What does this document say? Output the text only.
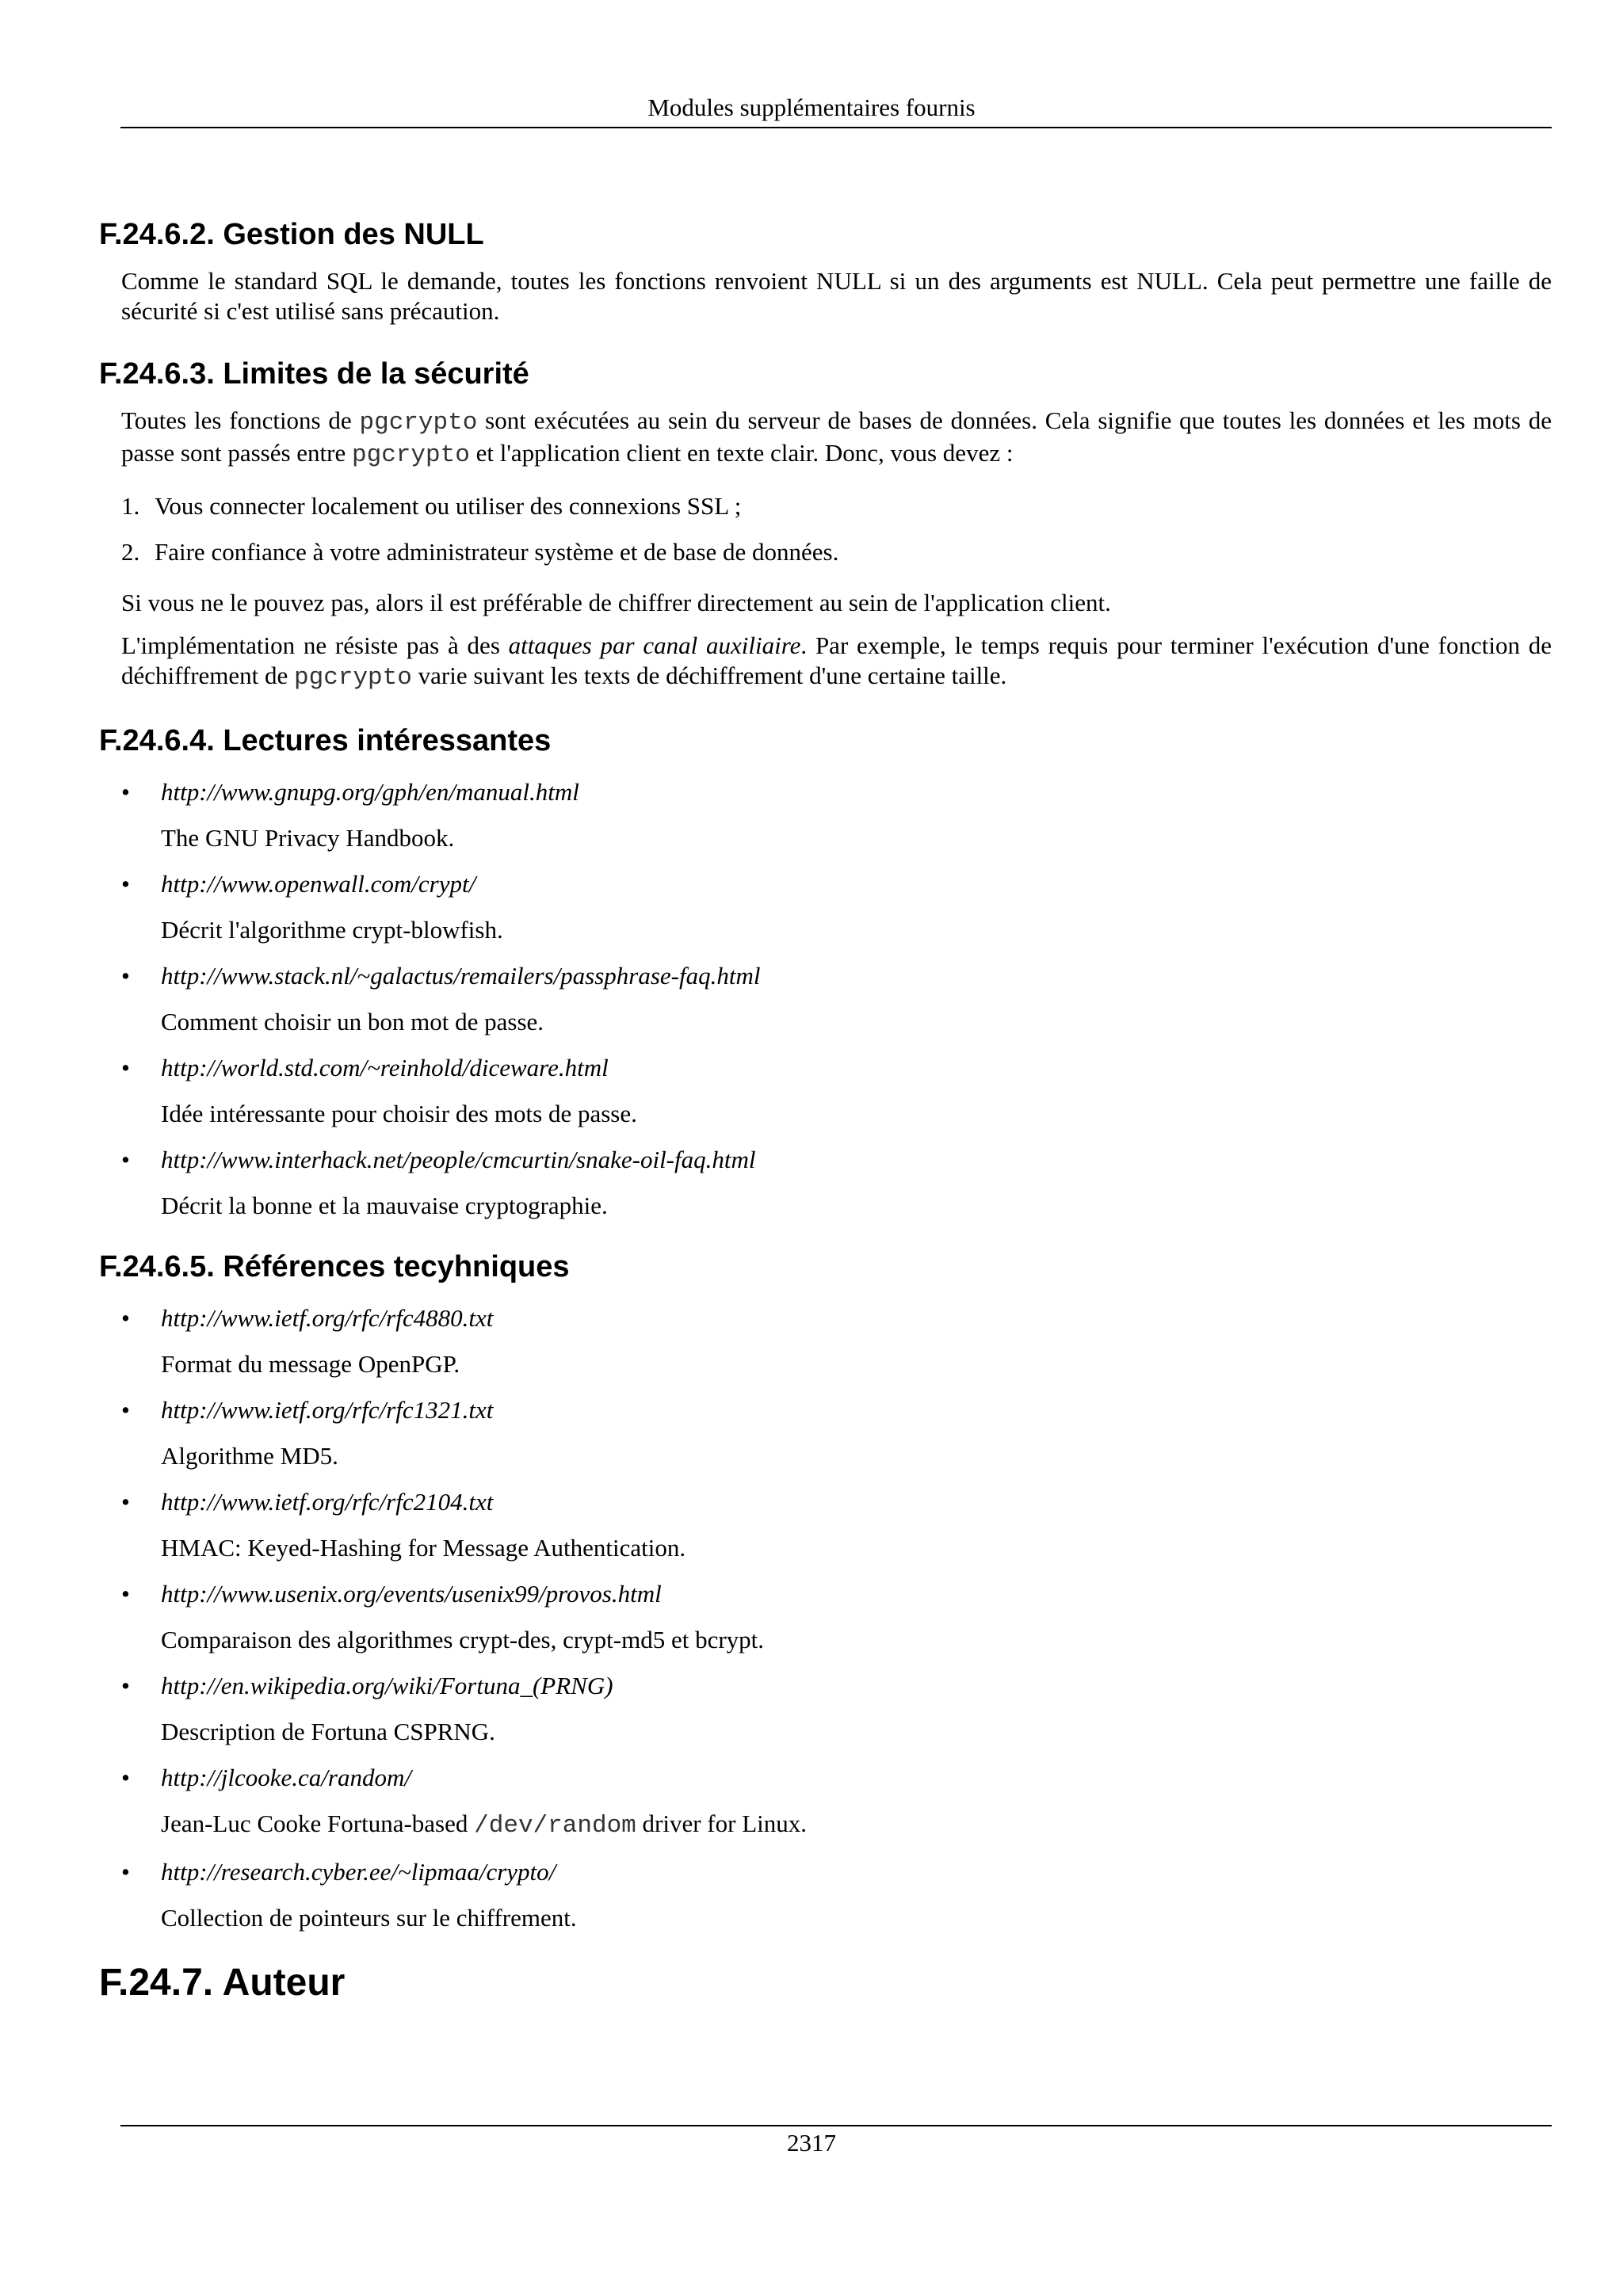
Modules supplémentaires fournis
F.24.6.2. Gestion des NULL

Comme le standard SQL le demande, toutes les fonctions renvoient NULL si un des arguments est NULL. Cela peut permettre une faille de sécurité si c'est utilisé sans précaution.

F.24.6.3. Limites de la sécurité

Toutes les fonctions de pgcrypto sont exécutées au sein du serveur de bases de données. Cela signifie que toutes les données et les mots de passe sont passés entre pgcrypto et l'application client en texte clair. Donc, vous devez :

1. Vous connecter localement ou utiliser des connexions SSL ;
2. Faire confiance à votre administrateur système et de base de données.

Si vous ne le pouvez pas, alors il est préférable de chiffrer directement au sein de l'application client.

L'implémentation ne résiste pas à des attaques par canal auxiliaire. Par exemple, le temps requis pour terminer l'exécution d'une fonction de déchiffrement de pgcrypto varie suivant les texts de déchiffrement d'une certaine taille.

F.24.6.4. Lectures intéressantes
• http://www.gnupg.org/gph/en/manual.html
The GNU Privacy Handbook.
• http://www.openwall.com/crypt/
Décrit l'algorithme crypt-blowfish.
• http://www.stack.nl/~galactus/remailers/passphrase-faq.html
Comment choisir un bon mot de passe.
• http://world.std.com/~reinhold/diceware.html
Idée intéressante pour choisir des mots de passe.
• http://www.interhack.net/people/cmcurtin/snake-oil-faq.html
Décrit la bonne et la mauvaise cryptographie.
F.24.6.5. Références tecyhniques
• http://www.ietf.org/rfc/rfc4880.txt
Format du message OpenPGP.
• http://www.ietf.org/rfc/rfc1321.txt
Algorithme MD5.
• http://www.ietf.org/rfc/rfc2104.txt
HMAC: Keyed-Hashing for Message Authentication.
• http://www.usenix.org/events/usenix99/provos.html
Comparaison des algorithmes crypt-des, crypt-md5 et bcrypt.
• http://en.wikipedia.org/wiki/Fortuna_(PRNG)
Description de Fortuna CSPRNG.
• http://jlcooke.ca/random/
Jean-Luc Cooke Fortuna-based /dev/random driver for Linux.
• http://research.cyber.ee/~lipmaa/crypto/
Collection de pointeurs sur le chiffrement.
F.24.7. Auteur
2317
